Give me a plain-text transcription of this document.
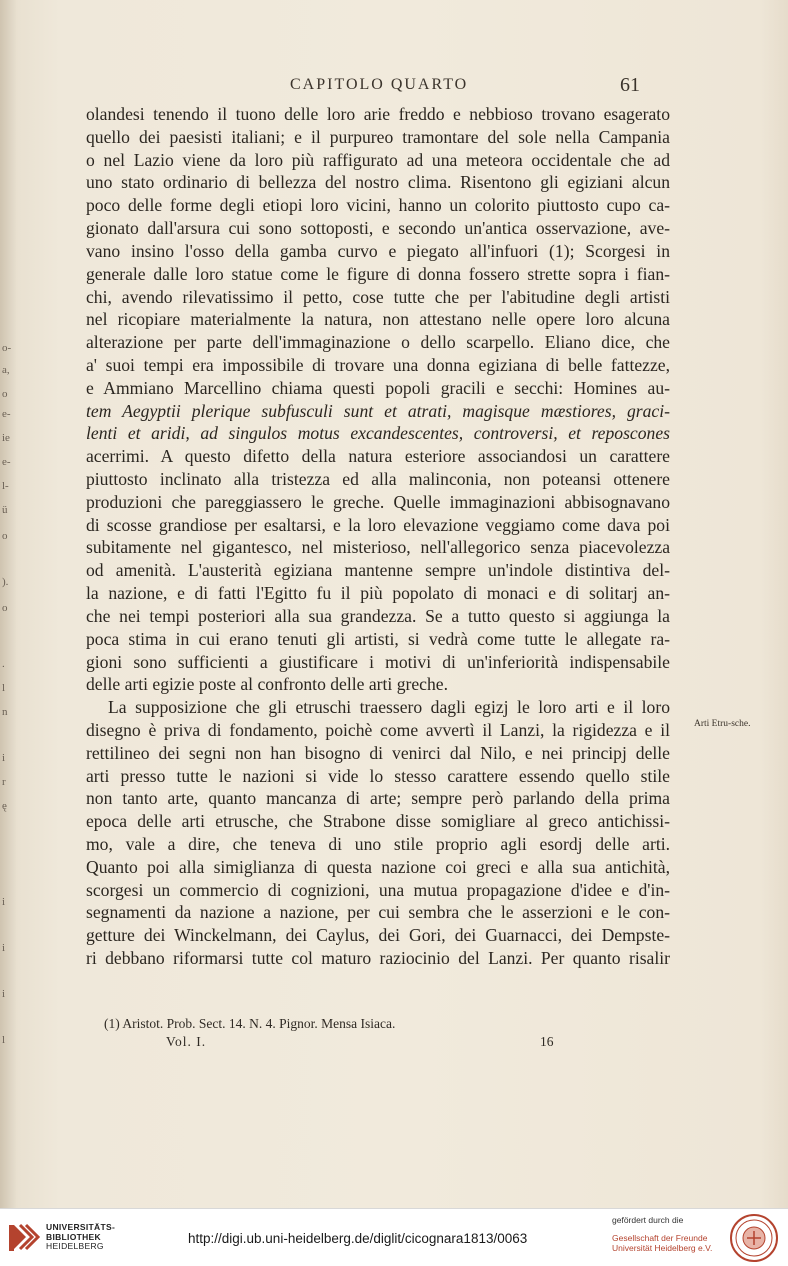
o-
a,
o
e-
ie
e-
l-
ü
o
).
o
.
l
n
i
r
ę
i
i
i
l
CAPITOLO QUARTO	61
olandesi tenendo il tuono delle loro arie freddo e nebbioso trovano esagerato
quello dei paesisti italiani; e il purpureo tramontare del sole nella Campania
o nel Lazio viene da loro più raffigurato ad una meteora occidentale che ad
uno stato ordinario di bellezza del nostro clima. Risentono gli egiziani alcun
poco delle forme degli etiopi loro vicini, hanno un colorito piuttosto cupo ca-
gionato dall'arsura cui sono sottoposti, e secondo un'antica osservazione, ave-
vano insino l'osso della gamba curvo e piegato all'infuori (1); Scorgesi in
generale dalle loro statue come le figure di donna fossero strette sopra i fian-
chi, avendo rilevatissimo il petto, cose tutte che per l'abitudine degli artisti
nel ricopiare materialmente la natura, non attestano nelle opere loro alcuna
alterazione per parte dell'immaginazione o dello scarpello. Eliano dice, che
a' suoi tempi era impossibile di trovare una donna egiziana di belle fattezze,
e Ammiano Marcellino chiama questi popoli gracili e secchi: Homines au-
tem Aegyptii plerique subfusculi sunt et atrati, magisque mæstiores, graci-
lenti et aridi, ad singulos motus excandescentes, controversi, et reposcones
acerrimi. A questo difetto della natura esteriore associandosi un carattere
piuttosto inclinato alla tristezza ed alla malinconia, non poteansi ottenere
produzioni che pareggiassero le greche. Quelle immaginazioni abbisognavano
di scosse grandiose per esaltarsi, e la loro elevazione veggiamo come dava poi
subitamente nel gigantesco, nel misterioso, nell'allegorico senza piacevolezza
od amenità. L'austerità egiziana mantenne sempre un'indole distintiva del-
la nazione, e di fatti l'Egitto fu il più popolato di monaci e di solitarj an-
che nei tempi posteriori alla sua grandezza. Se a tutto questo si aggiunga la
poca stima in cui erano tenuti gli artisti, si vedrà come tutte le allegate ra-
gioni sono sufficienti a giustificare i motivi di un'inferiorità indispensabile
delle arti egizie poste al confronto delle arti greche.
La supposizione che gli etruschi traessero dagli egizj le loro arti e il loro
disegno è priva di fondamento, poichè come avvertì il Lanzi, la rigidezza e il
rettilineo dei segni non han bisogno di venirci dal Nilo, e nei principj delle
arti presso tutte le nazioni si vide lo stesso carattere essendo quello stile
non tanto arte, quanto mancanza di arte; sempre però parlando della prima
epoca delle arti etrusche, che Strabone disse somigliare al greco antichissi-
mo, vale a dire, che teneva di uno stile proprio agli esordj delle arti.
Quanto poi alla simiglianza di questa nazione coi greci e alla sua antichità,
scorgesi un commercio di cognizioni, una mutua propagazione d'idee e d'in-
segnamenti da nazione a nazione, per cui sembra che le asserzioni e le con-
getture dei Winckelmann, dei Caylus, dei Gori, dei Guarnacci, dei Dempste-
ri debbano riformarsi tutte col maturo raziocinio del Lanzi. Per quanto risalir
Arti Etru-sche.
(1) Aristot. Prob. Sect. 14. N. 4. Pignor. Mensa Isiaca.
Vol. I.	16
UNIVERSITÄTS-
BIBLIOTHEK
HEIDELBERG	http://digi.ub.uni-heidelberg.de/diglit/cicognara1813/0063
gefördert durch die
Gesellschaft der Freunde
Universität Heidelberg e.V.
